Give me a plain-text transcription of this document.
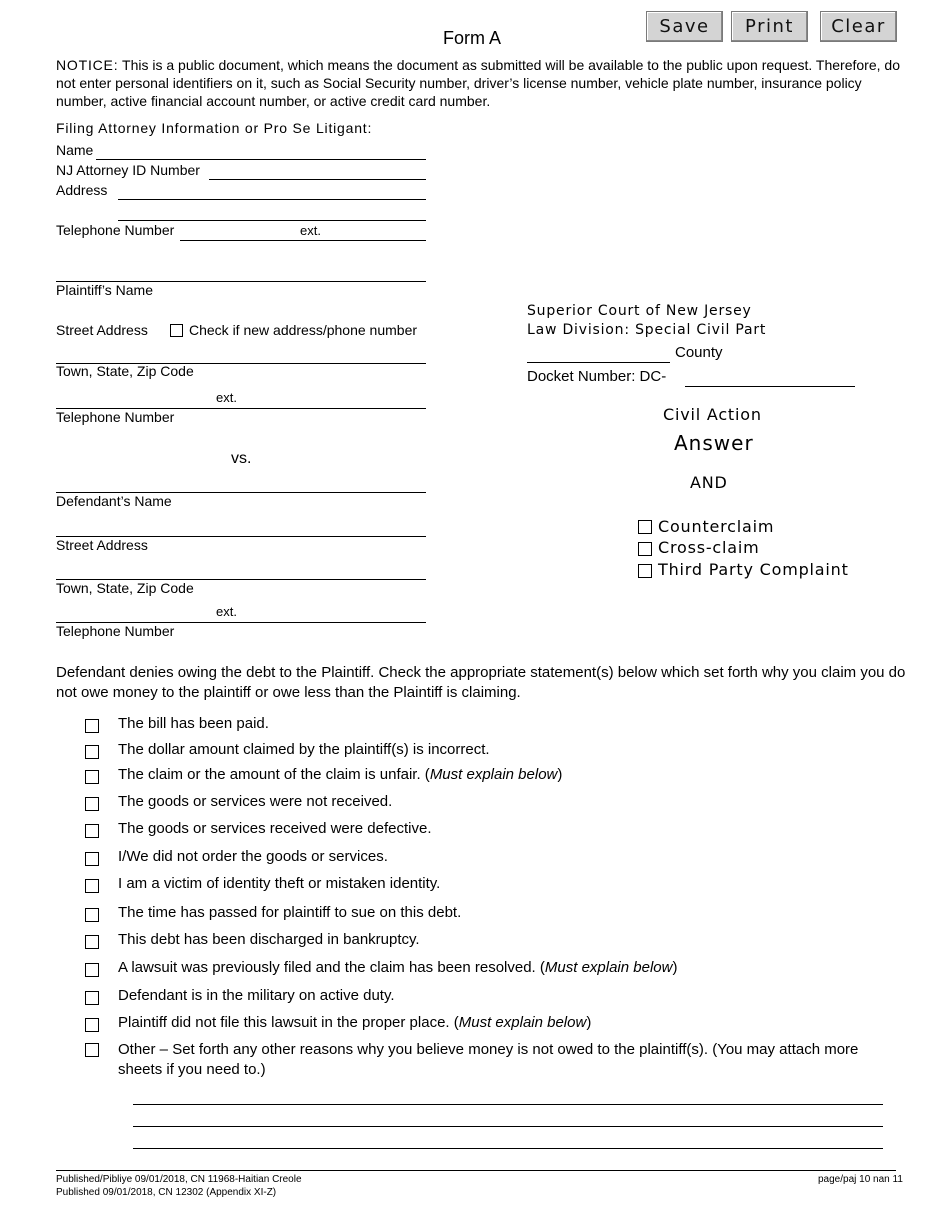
Form A
Save	Print	Clear
NOTICE: This is a public document, which means the document as submitted will be available to the public upon request. Therefore, do not enter personal identifiers on it, such as Social Security number, driver’s license number, vehicle plate number, insurance policy number, active financial account number, or active credit card number.
Filing Attorney Information or Pro Se Litigant:
Name
NJ Attorney ID Number
Address
Telephone Number	ext.
Plaintiff’s Name
Street Address	Check if new address/phone number
Town, State, Zip Code
ext.
Telephone Number
vs.
Defendant’s Name
Street Address
Town, State, Zip Code
ext.
Telephone Number
Superior Court of New Jersey
Law Division: Special Civil Part
County
Docket Number: DC-
Civil Action
Answer
AND
Counterclaim
Cross-claim
Third Party Complaint
Defendant denies owing the debt to the Plaintiff. Check the appropriate statement(s) below which set forth why you claim you do not owe money to the plaintiff or owe less than the Plaintiff is claiming.
The bill has been paid.
The dollar amount claimed by the plaintiff(s) is incorrect.
The claim or the amount of the claim is unfair. (Must explain below)
The goods or services were not received.
The goods or services received were defective.
I/We did not order the goods or services.
I am a victim of identity theft or mistaken identity.
The time has passed for plaintiff to sue on this debt.
This debt has been discharged in bankruptcy.
A lawsuit was previously filed and the claim has been resolved. (Must explain below)
Defendant is in the military on active duty.
Plaintiff did not file this lawsuit in the proper place. (Must explain below)
Other – Set forth any other reasons why you believe money is not owed to the plaintiff(s). (You may attach more sheets if you need to.)
Published/Pibliye 09/01/2018, CN 11968-Haitian Creole
Published 09/01/2018, CN 12302 (Appendix XI-Z)
page/paj 10 nan 11
